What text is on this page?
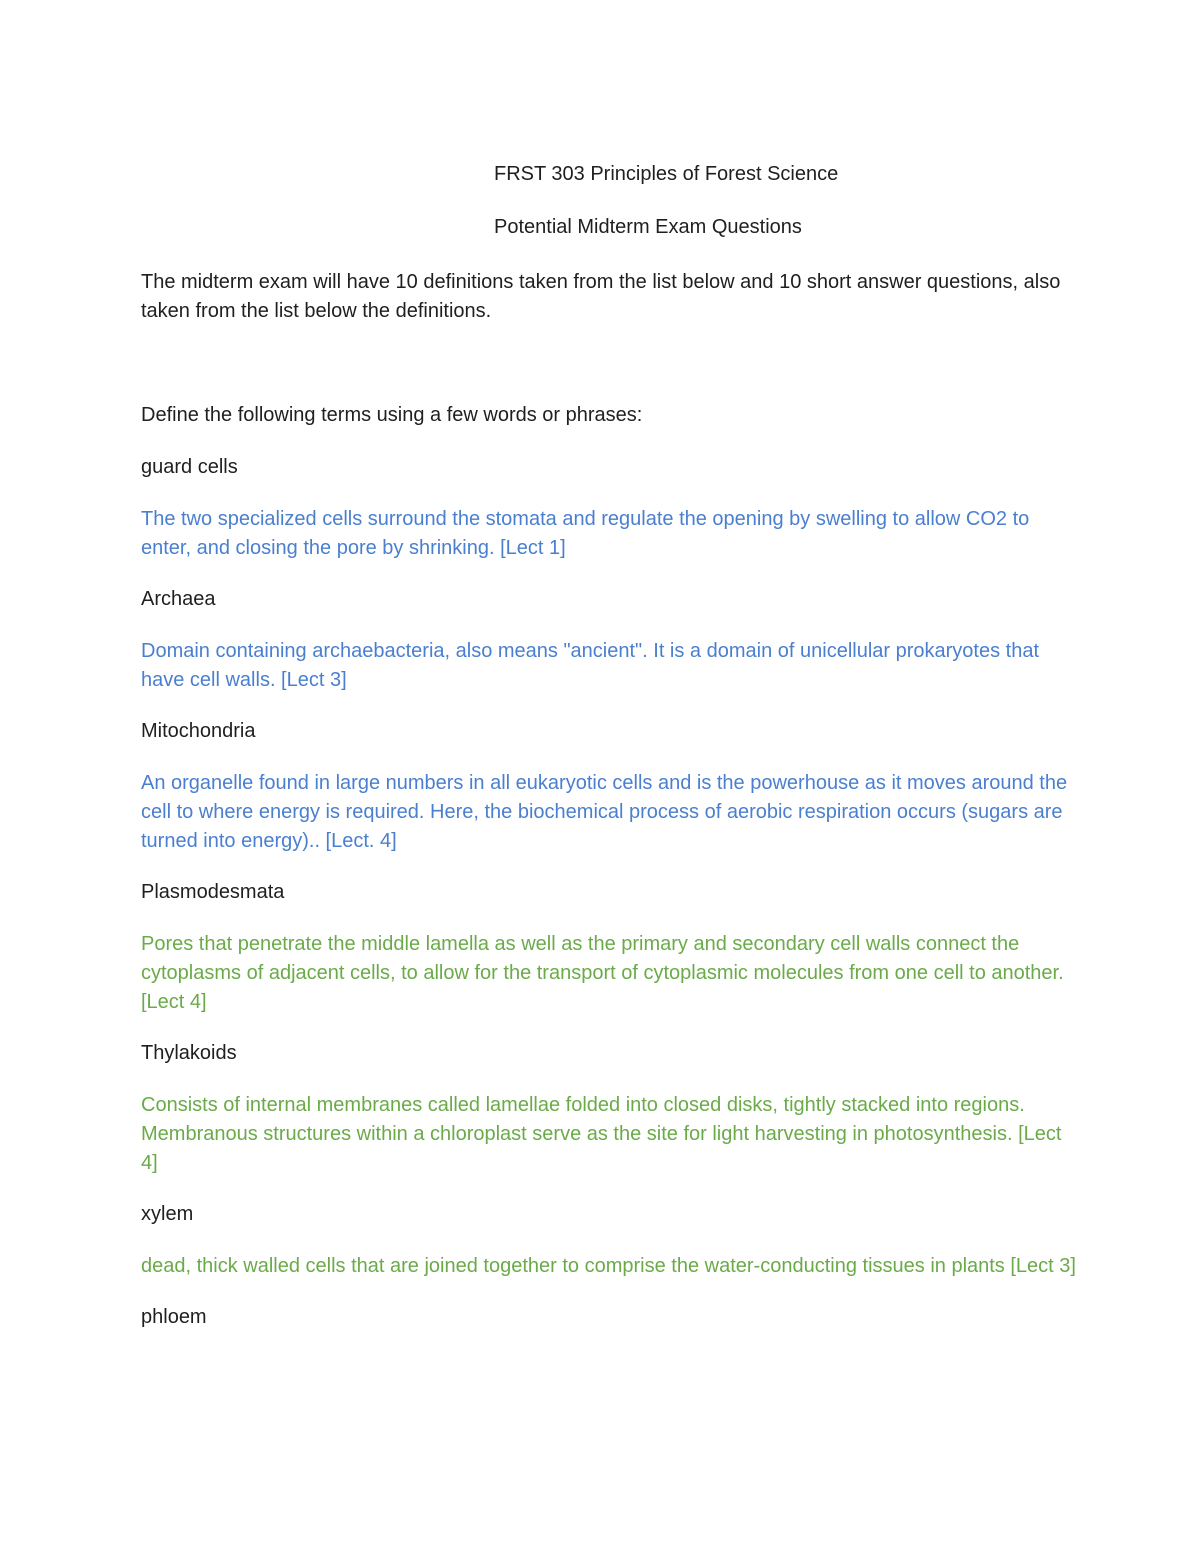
FRST 303 Principles of Forest Science
Potential Midterm Exam Questions
The midterm exam will have 10 definitions taken from the list below and 10 short answer questions, also taken from the list below the definitions.

Define the following terms using a few words or phrases:

guard cells

The two specialized cells surround the stomata and regulate the opening by swelling to allow CO2 to enter, and closing the pore by shrinking. [Lect 1]

Archaea

Domain containing archaebacteria, also means "ancient". It is a domain of unicellular prokaryotes that have cell walls. [Lect 3]

Mitochondria

An organelle found in large numbers in all eukaryotic cells and is the powerhouse as it moves around the cell to where energy is required. Here, the biochemical process of aerobic respiration occurs (sugars are turned into energy).. [Lect. 4]

Plasmodesmata

Pores that penetrate the middle lamella as well as the primary and secondary cell walls connect the cytoplasms of adjacent cells, to allow for the transport of cytoplasmic molecules from one cell to another. [Lect 4]

Thylakoids

Consists of internal membranes called lamellae folded into closed disks, tightly stacked into regions. Membranous structures within a chloroplast serve as the site for light harvesting in photosynthesis. [Lect 4]

xylem

dead, thick walled cells that are joined together to comprise the water-conducting tissues in plants [Lect 3]

phloem
